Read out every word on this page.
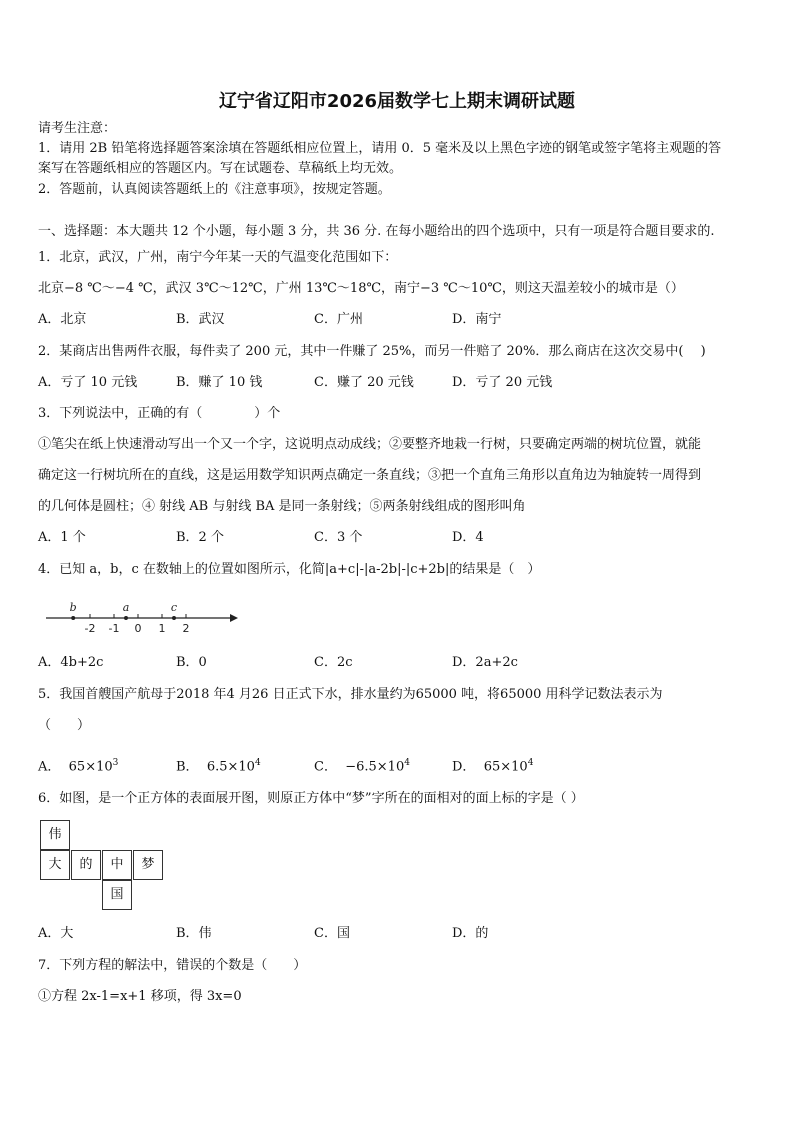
辽宁省辽阳市2026届数学七上期末调研试题
请考生注意：
1．请用 2B 铅笔将选择题答案涂填在答题纸相应位置上，请用 0．5 毫米及以上黑色字迹的钢笔或签字笔将主观题的答
案写在答题纸相应的答题区内。写在试题卷、草稿纸上均无效。
2．答题前，认真阅读答题纸上的《注意事项》，按规定答题。
一、选择题：本大题共 12 个小题，每小题 3 分，共 36 分. 在每小题给出的四个选项中，只有一项是符合题目要求的.
1．北京，武汉，广州，南宁今年某一天的气温变化范围如下：
北京−8 ℃～−4 ℃，武汉 3℃～12℃，广州 13℃～18℃，南宁−3 ℃～10℃，则这天温差较小的城市是（）
A．北京	B．武汉	C．广州	D．南宁
2．某商店出售两件衣服，每件卖了 200 元，其中一件赚了 25%，而另一件赔了 20%．那么商店在这次交易中(　 )
A．亏了 10 元钱	B．赚了 10 钱	C．赚了 20 元钱	D．亏了 20 元钱
3．下列说法中，正确的有（　　　　）个
①笔尖在纸上快速滑动写出一个又一个字，这说明点动成线；②要整齐地栽一行树，只要确定两端的树坑位置，就能
确定这一行树坑所在的直线，这是运用数学知识两点确定一条直线；③把一个直角三角形以直角边为轴旋转一周得到
的几何体是圆柱；④ 射线 AB 与射线 BA 是同一条射线；⑤两条射线组成的图形叫角
A．1 个	B．2 个	C．3 个	D．4
4．已知 a，b，c 在数轴上的位置如图所示，化简|a+c|-|a-2b|-|c+2b|的结果是（　）
-2 -1 0 1 2
b	a	c
A．4b+2c	B．0	C．2c	D．2a+2c
5．我国首艘国产航母于2018 年4 月26 日正式下水，排水量约为65000 吨，将65000 用科学记数法表示为
（　　）
A． $65\times 10^3$	B． $6.5\times 10^4$	C． $-6.5\times 10^4$	D． $65\times 10^4$
6．如图，是一个正方体的表面展开图，则原正方体中“梦”字所在的面相对的面上标的字是（ ）
伟
大	的	中	梦
国
A．大	B．伟	C．国	D．的
7．下列方程的解法中，错误的个数是（　　）
①方程 2x-1=x+1 移项，得 3x=0
